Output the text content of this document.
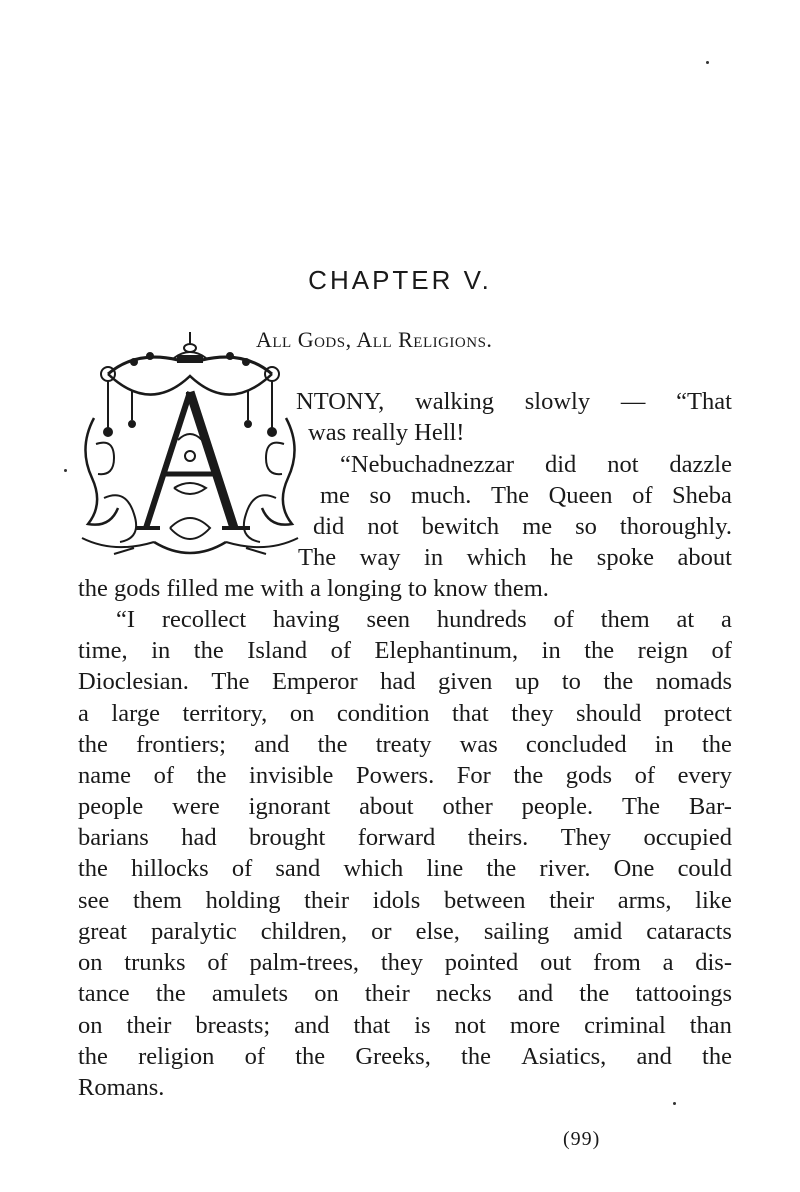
CHAPTER V.
All Gods, All Religions.
NTONY, walking slowly — “That
was really Hell!
“Nebuchadnezzar did not dazzle
me so much. The Queen of Sheba
did not bewitch me so thoroughly.
The way in which he spoke about
the gods filled me with a longing to know them.
“I recollect having seen hundreds of them at a
time, in the Island of Elephantinum, in the reign of
Dioclesian. The Emperor had given up to the nomads
a large territory, on condition that they should protect
the frontiers; and the treaty was concluded in the
name of the invisible Powers. For the gods of every
people were ignorant about other people. The Bar-
barians had brought forward theirs. They occupied
the hillocks of sand which line the river. One could
see them holding their idols between their arms, like
great paralytic children, or else, sailing amid cataracts
on trunks of palm-trees, they pointed out from a dis-
tance the amulets on their necks and the tattooings
on their breasts; and that is not more criminal than
the religion of the Greeks, the Asiatics, and the
Romans.
(99)
